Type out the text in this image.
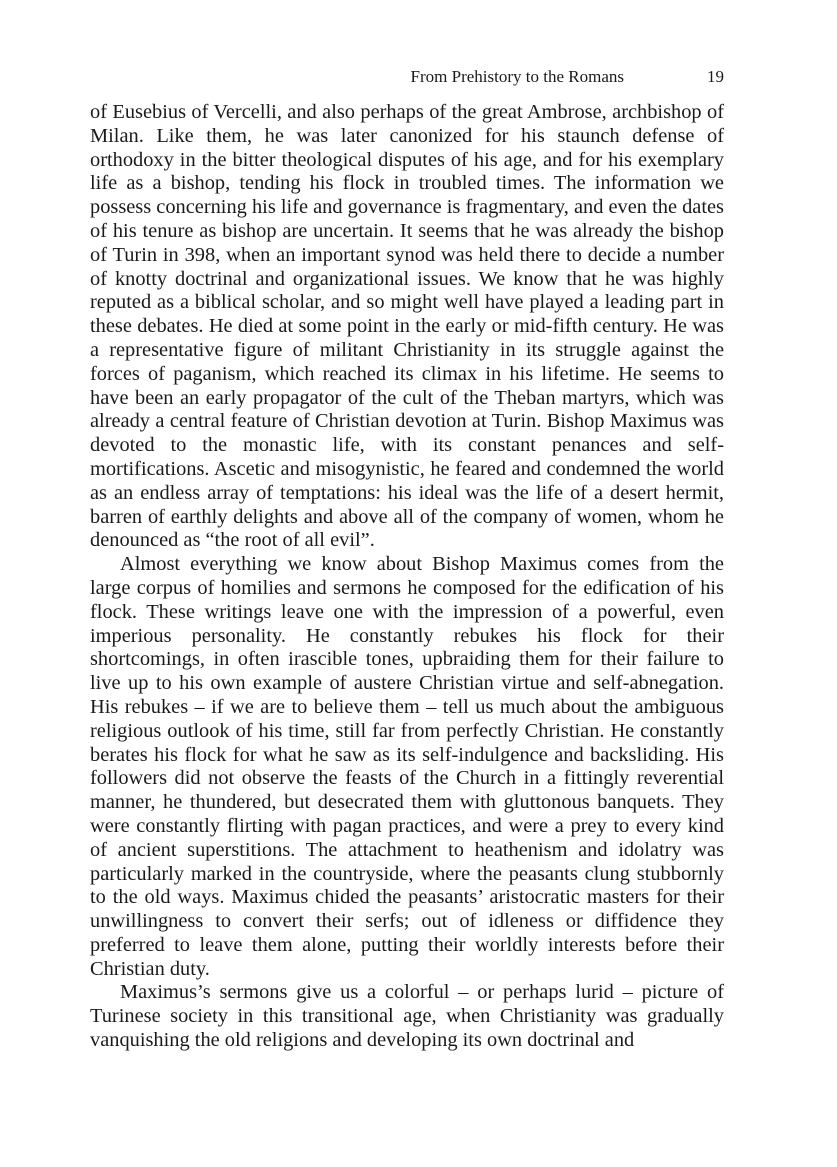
From Prehistory to the Romans	19

of Eusebius of Vercelli, and also perhaps of the great Ambrose, archbishop of Milan. Like them, he was later canonized for his staunch defense of orthodoxy in the bitter theological disputes of his age, and for his exemplary life as a bishop, tending his flock in troubled times. The information we possess concerning his life and governance is fragmentary, and even the dates of his tenure as bishop are uncertain. It seems that he was already the bishop of Turin in 398, when an important synod was held there to decide a number of knotty doctrinal and organizational issues. We know that he was highly reputed as a biblical scholar, and so might well have played a leading part in these debates. He died at some point in the early or mid-fifth century. He was a representative figure of militant Christianity in its struggle against the forces of paganism, which reached its climax in his lifetime. He seems to have been an early propagator of the cult of the Theban martyrs, which was already a central feature of Christian devotion at Turin. Bishop Maximus was devoted to the monastic life, with its constant penances and self-mortifications. Ascetic and misogynistic, he feared and condemned the world as an endless array of temptations: his ideal was the life of a desert hermit, barren of earthly delights and above all of the company of women, whom he denounced as “the root of all evil”.

Almost everything we know about Bishop Maximus comes from the large corpus of homilies and sermons he composed for the edification of his flock. These writings leave one with the impression of a powerful, even imperious personality. He constantly rebukes his flock for their shortcomings, in often irascible tones, upbraiding them for their failure to live up to his own example of austere Christian virtue and self-abnegation. His rebukes – if we are to believe them – tell us much about the ambiguous religious outlook of his time, still far from perfectly Christian. He constantly berates his flock for what he saw as its self-indulgence and backsliding. His followers did not observe the feasts of the Church in a fittingly reverential manner, he thundered, but desecrated them with gluttonous banquets. They were constantly flirting with pagan practices, and were a prey to every kind of ancient superstitions. The attachment to heathenism and idolatry was particularly marked in the countryside, where the peasants clung stubbornly to the old ways. Maximus chided the peasants’ aristocratic masters for their unwillingness to convert their serfs; out of idleness or diffidence they preferred to leave them alone, putting their worldly interests before their Christian duty.

Maximus’s sermons give us a colorful – or perhaps lurid – picture of Turinese society in this transitional age, when Christianity was gradually vanquishing the old religions and developing its own doctrinal and
